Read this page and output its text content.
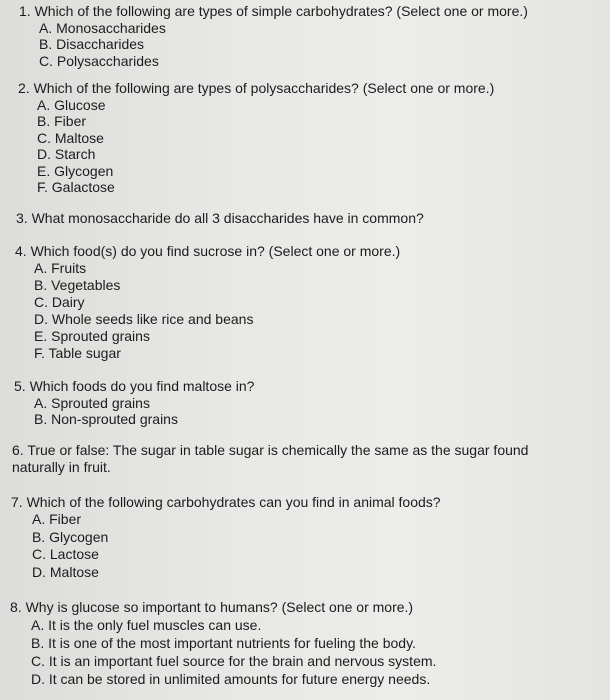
1. Which of the following are types of simple carbohydrates? (Select one or more.)
A. Monosaccharides
B. Disaccharides
C. Polysaccharides
2. Which of the following are types of polysaccharides? (Select one or more.)
A. Glucose
B. Fiber
C. Maltose
D. Starch
E. Glycogen
F. Galactose
3. What monosaccharide do all 3 disaccharides have in common?
4. Which food(s) do you find sucrose in? (Select one or more.)
A. Fruits
B. Vegetables
C. Dairy
D. Whole seeds like rice and beans
E. Sprouted grains
F. Table sugar
5. Which foods do you find maltose in?
A. Sprouted grains
B. Non-sprouted grains
6. True or false: The sugar in table sugar is chemically the same as the sugar found naturally in fruit.
7. Which of the following carbohydrates can you find in animal foods?
A. Fiber
B. Glycogen
C. Lactose
D. Maltose
8. Why is glucose so important to humans? (Select one or more.)
A. It is the only fuel muscles can use.
B. It is one of the most important nutrients for fueling the body.
C. It is an important fuel source for the brain and nervous system.
D. It can be stored in unlimited amounts for future energy needs.
